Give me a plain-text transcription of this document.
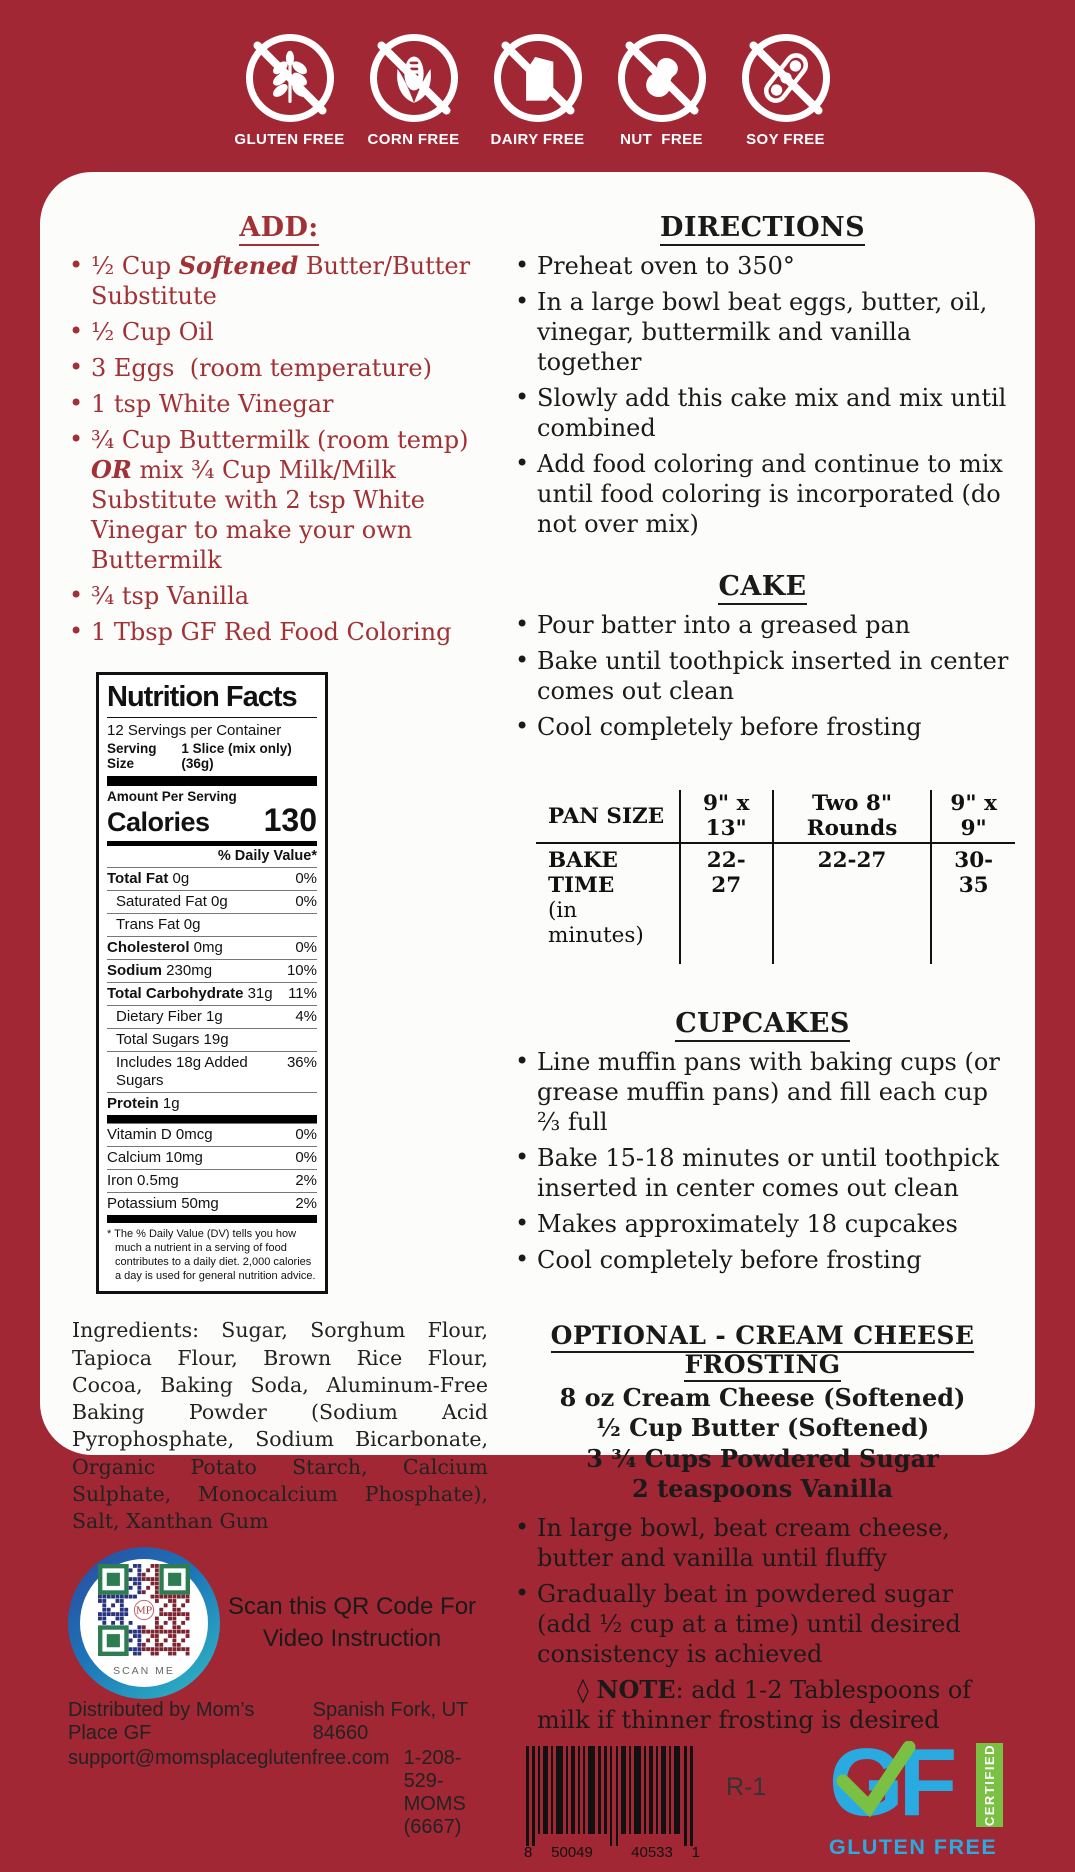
GLUTEN FREE CORN FREE DAIRY FREE NUT  FREE	SOY FREE
ADD:
• ½ Cup Softened Butter/Butter Substitute
• ½ Cup Oil
• 3 Eggs  (room temperature)
• 1 tsp White Vinegar
• ¾ Cup Buttermilk (room temp) OR mix ¾ Cup Milk/Milk Substitute with 2 tsp White Vinegar to make your own Buttermilk
• ¾ tsp Vanilla
• 1 Tbsp GF Red Food Coloring
Nutrition Facts
12 Servings per Container
Serving Size
1 Slice (mix only) (36g)
Amount Per Serving
Calories 130
% Daily Value*
Total Fat 0g	0%
Saturated Fat 0g	0%
Trans Fat 0g
Cholesterol 0mg	0%
Sodium 230mg	10%
Total Carbohydrate 31g 11%
Dietary Fiber 1g	4%
Total Sugars 19g
Includes 18g Added Sugars
36%
Protein 1g
Vitamin D 0mcg	0%
Calcium 10mg	0%
Iron 0.5mg	2%
Potassium 50mg	2%
* The % Daily Value (DV) tells you how much a nutrient in a serving of food contributes to a daily diet. 2,000 calories a day is used for general nutrition advice.

Ingredients: Sugar, Sorghum Flour, Tapioca Flour, Brown Rice Flour, Cocoa, Baking Soda, Aluminum-Free Baking Powder (Sodium Acid Pyrophosphate, Sodium Bicarbonate, Organic Potato Starch, Calcium Sulphate, Monocalcium Phosphate), Salt, Xanthan Gum

MP
SCAN ME
Scan this QR Code For
Video Instruction
Distributed by Mom’s Place GF
Spanish Fork, UT 84660
support@momsplaceglutenfree.com 1-208-529-MOMS (6667)
DIRECTIONS
• Preheat oven to 350°
• In a large bowl beat eggs, butter, oil, vinegar, buttermilk and vanilla together
• Slowly add this cake mix and mix until combined
• Add food coloring and continue to mix until food coloring is incorporated (do not over mix)
CAKE
• Pour batter into a greased pan
• Bake until toothpick inserted in center comes out clean
• Cool completely before frosting
PAN SIZE	9" x 13"	Two 8" Rounds	9" x 9"
BAKE TIME
(in minutes)	22-27	22-27	30-35
CUPCAKES
• Line muffin pans with baking cups (or grease muffin pans) and fill each cup ⅔ full
• Bake 15-18 minutes or until toothpick inserted in center comes out clean
• Makes approximately 18 cupcakes
• Cool completely before frosting
OPTIONAL - CREAM CHEESE FROSTING
8 oz Cream Cheese (Softened)
½ Cup Butter (Softened)
3 ¾ Cups Powdered Sugar
2 teaspoons Vanilla
• In large bowl, beat cream cheese, butter and vanilla until fluffy
• Gradually beat in powdered sugar  (add ½ cup at a time) until desired consistency is achieved
◊ NOTE: add 1-2 Tablespoons of milk if thinner frosting is desired
8 50049	40533 1
R-1 GF	CERTIFIED
GLUTEN FREE
